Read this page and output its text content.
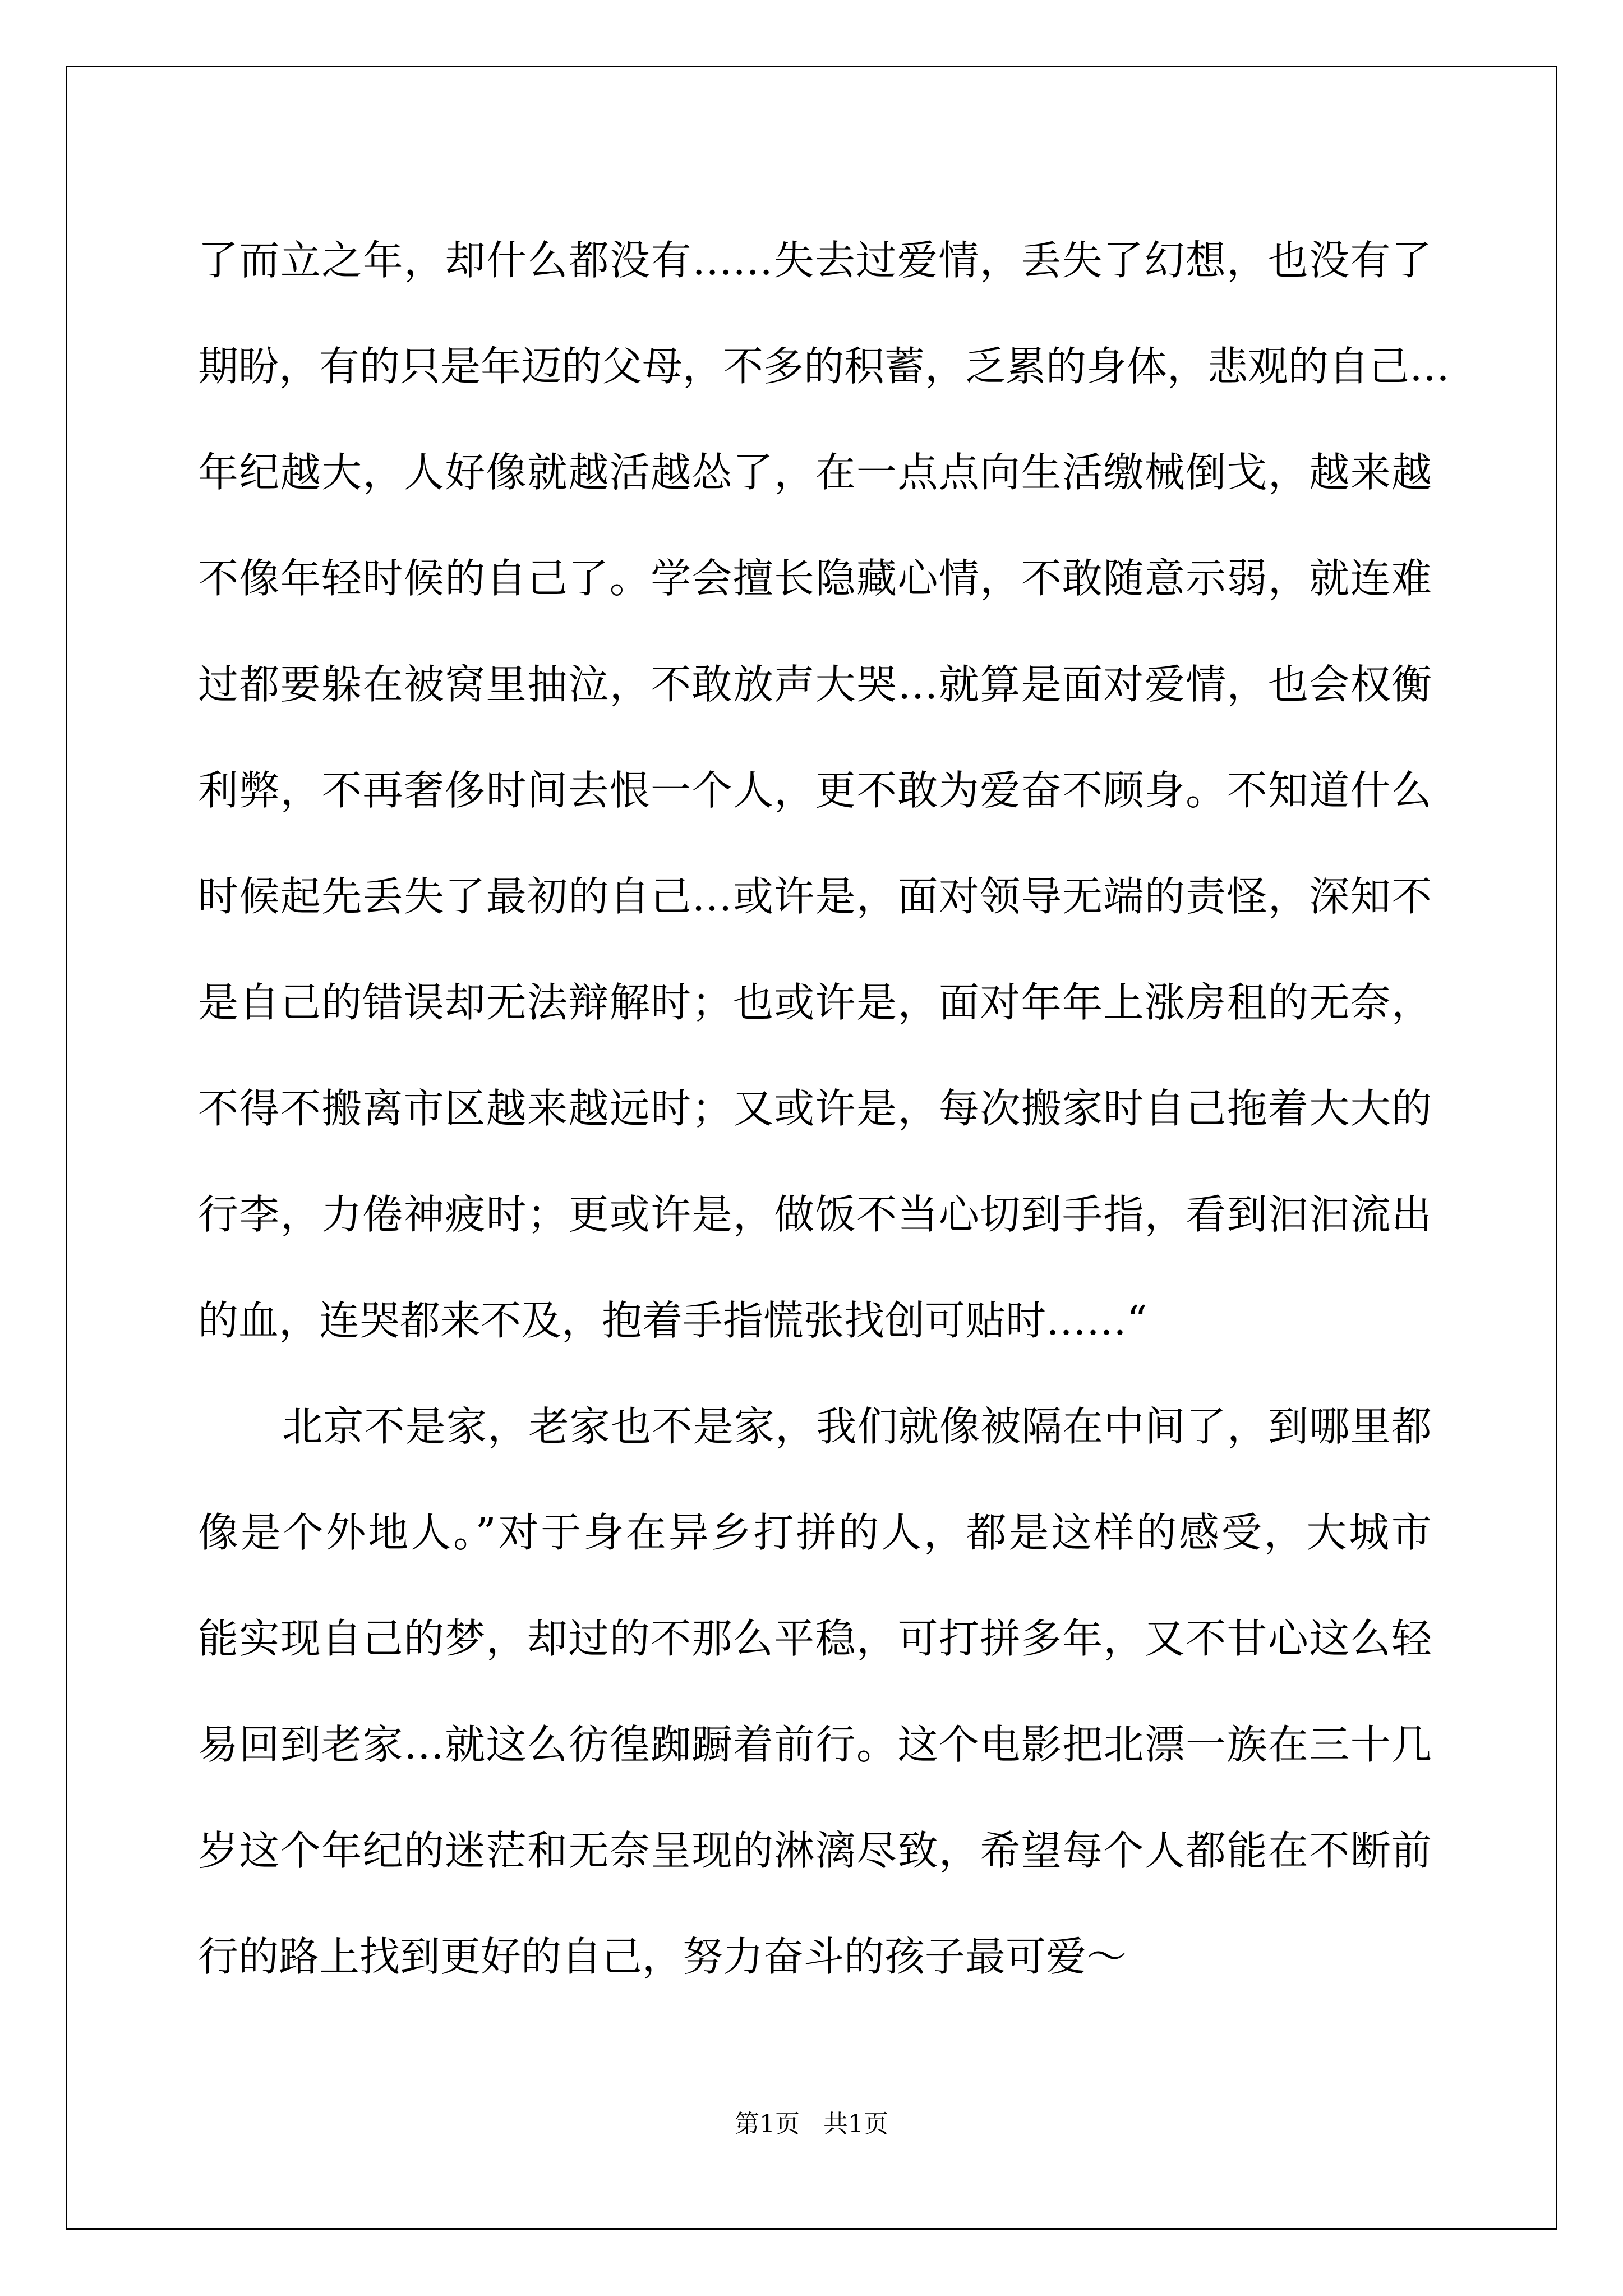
了而立之年，却什么都没有……失去过爱情，丢失了幻想，也没有了
期盼，有的只是年迈的父母，不多的积蓄，乏累的身体，悲观的自己…
年纪越大，人好像就越活越怂了，在一点点向生活缴械倒戈，越来越
不像年轻时候的自己了。学会擅长隐藏心情，不敢随意示弱，就连难
过都要躲在被窝里抽泣，不敢放声大哭…就算是面对爱情，也会权衡
利弊，不再奢侈时间去恨一个人，更不敢为爱奋不顾身。不知道什么
时候起先丢失了最初的自己…或许是，面对领导无端的责怪，深知不
是自己的错误却无法辩解时；也或许是，面对年年上涨房租的无奈，
不得不搬离市区越来越远时；又或许是，每次搬家时自己拖着大大的
行李，力倦神疲时；更或许是，做饭不当心切到手指，看到汩汩流出
的血，连哭都来不及，抱着手指慌张找创可贴时……“
北京不是家，老家也不是家，我们就像被隔在中间了，到哪里都
像是个外地人。”对于身在异乡打拼的人，都是这样的感受，大城市
能实现自己的梦，却过的不那么平稳，可打拼多年，又不甘心这么轻
易回到老家…就这么彷徨踟蹰着前行。这个电影把北漂一族在三十几
岁这个年纪的迷茫和无奈呈现的淋漓尽致，希望每个人都能在不断前
行的路上找到更好的自己，努力奋斗的孩子最可爱～
第1页 共1页
